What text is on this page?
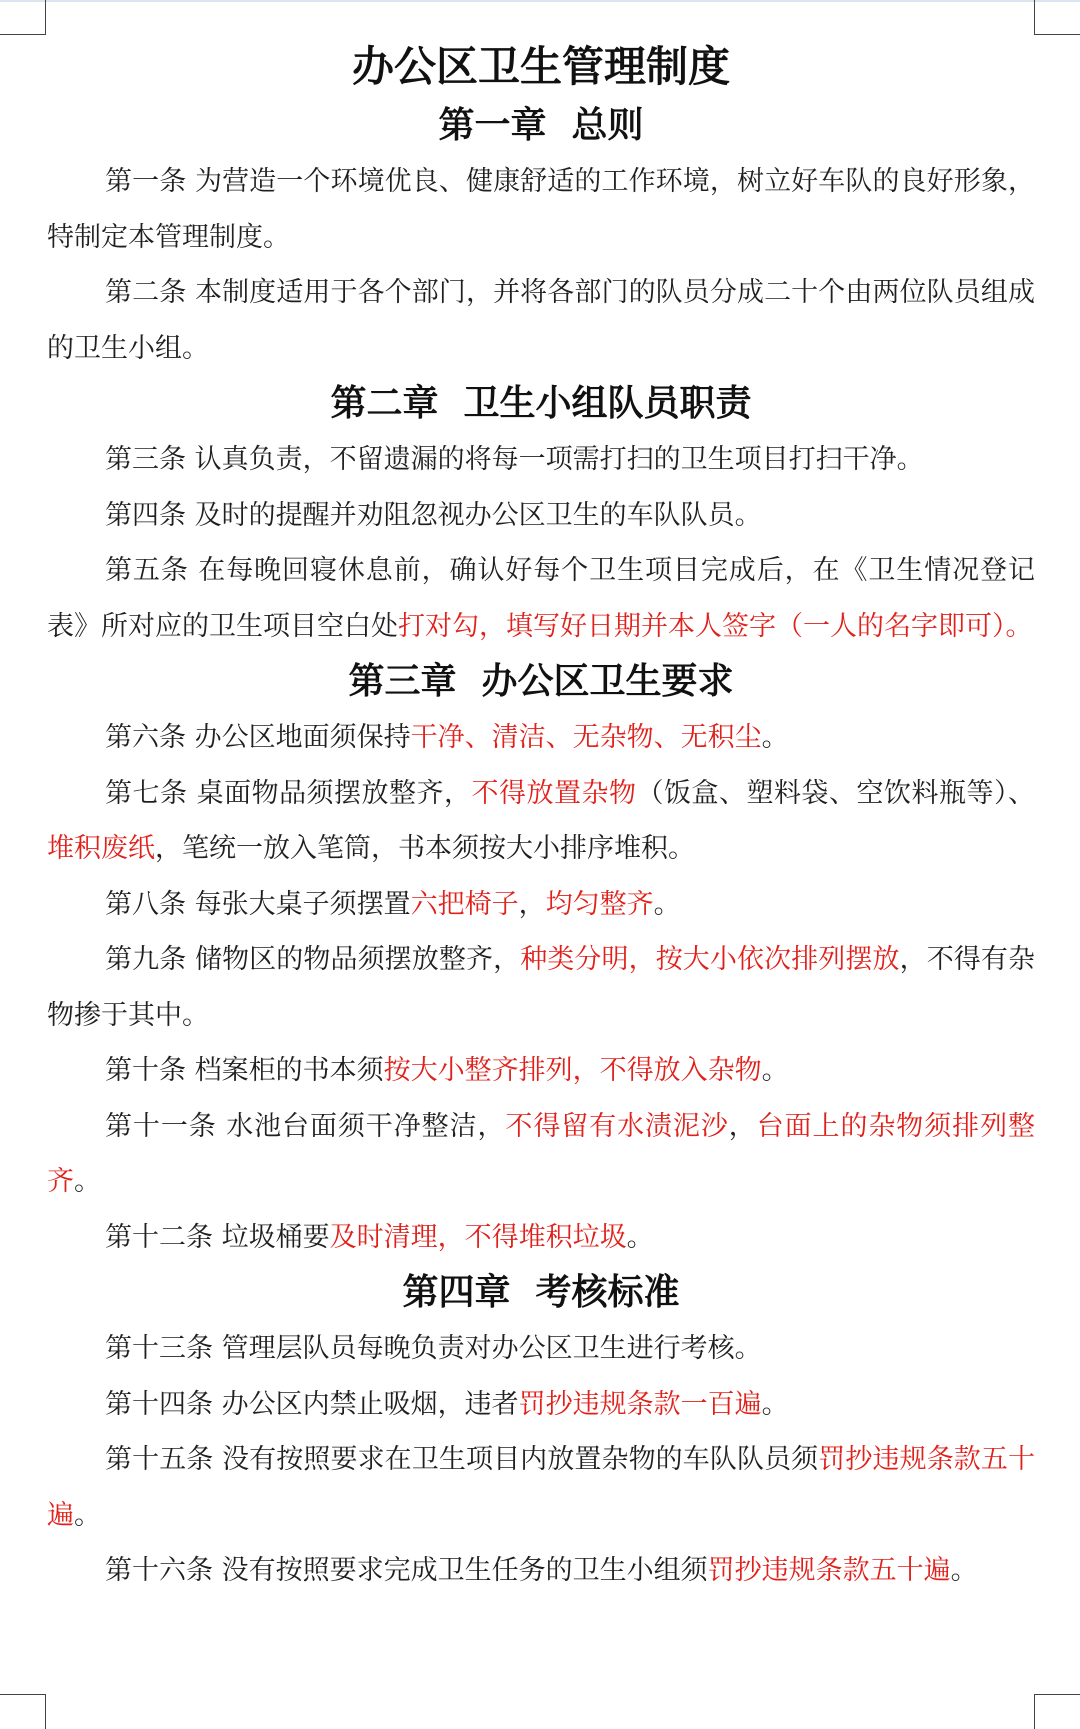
办公区卫生管理制度
第一章  总则

第一条 为营造一个环境优良、健康舒适的工作环境，树立好车队的良好形象，特制定本管理制度。

第二条 本制度适用于各个部门，并将各部门的队员分成二十个由两位队员组成的卫生小组。

第二章  卫生小组队员职责

第三条 认真负责，不留遗漏的将每一项需打扫的卫生项目打扫干净。

第四条 及时的提醒并劝阻忽视办公区卫生的车队队员。

第五条 在每晚回寝休息前，确认好每个卫生项目完成后，在《卫生情况登记表》所对应的卫生项目空白处打对勾，填写好日期并本人签字（一人的名字即可）。

第三章  办公区卫生要求

第六条 办公区地面须保持干净、清洁、无杂物、无积尘。

第七条 桌面物品须摆放整齐，不得放置杂物（饭盒、塑料袋、空饮料瓶等）、堆积废纸，笔统一放入笔筒，书本须按大小排序堆积。

第八条 每张大桌子须摆置六把椅子，均匀整齐。

第九条 储物区的物品须摆放整齐，种类分明，按大小依次排列摆放，不得有杂物掺于其中。

第十条 档案柜的书本须按大小整齐排列，不得放入杂物。

第十一条 水池台面须干净整洁，不得留有水渍泥沙，台面上的杂物须排列整齐。

第十二条 垃圾桶要及时清理，不得堆积垃圾。

第四章  考核标准

第十三条 管理层队员每晚负责对办公区卫生进行考核。

第十四条 办公区内禁止吸烟，违者罚抄违规条款一百遍。

第十五条 没有按照要求在卫生项目内放置杂物的车队队员须罚抄违规条款五十遍。

第十六条 没有按照要求完成卫生任务的卫生小组须罚抄违规条款五十遍。
